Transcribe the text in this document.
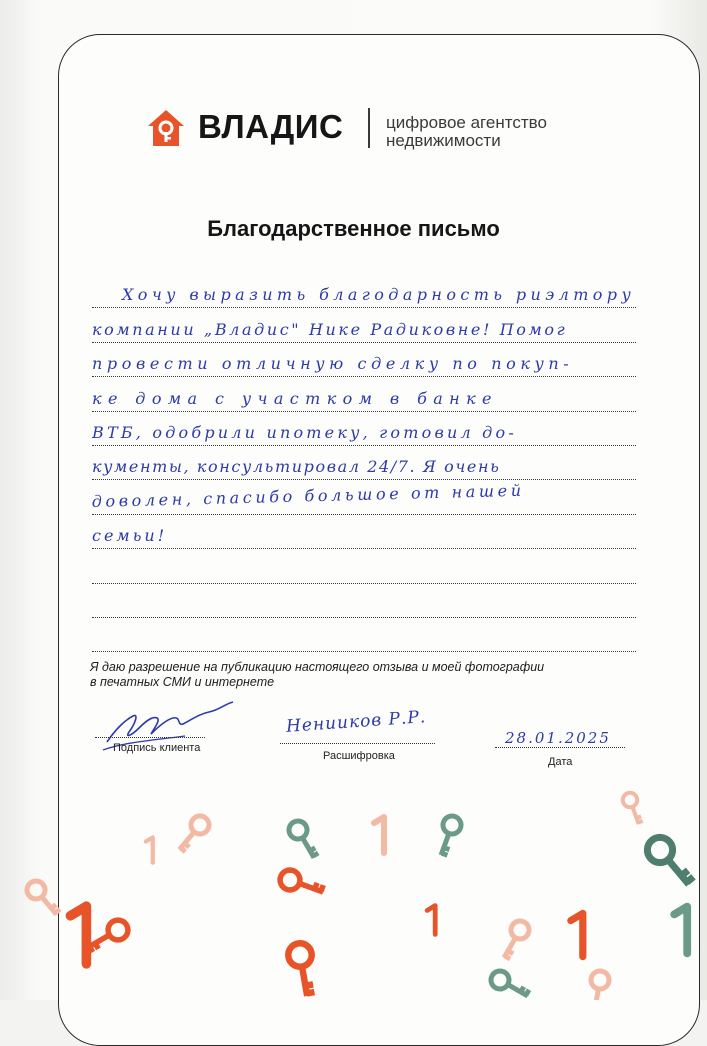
ВЛАДИС	цифровое агентство
недвижимости
Благодарственное письмо
Хочу выразить благодарность риэлтору
компании „Владис" Нике Радиковне! Помог
провести отличную сделку по покуп-
ке дома с участком в банке
ВТБ, одобрили ипотеку, готовил до-
кументы, консультировал 24/7. Я очень
доволен, спасибо большое от нашей
семьи!
Я даю разрешение на публикацию настоящего отзыва и моей фотографии
в печатных СМИ и интернете
Подпись клиента
Ненииков Р.Р.
Расшифровка
28.01.2025
Дата
